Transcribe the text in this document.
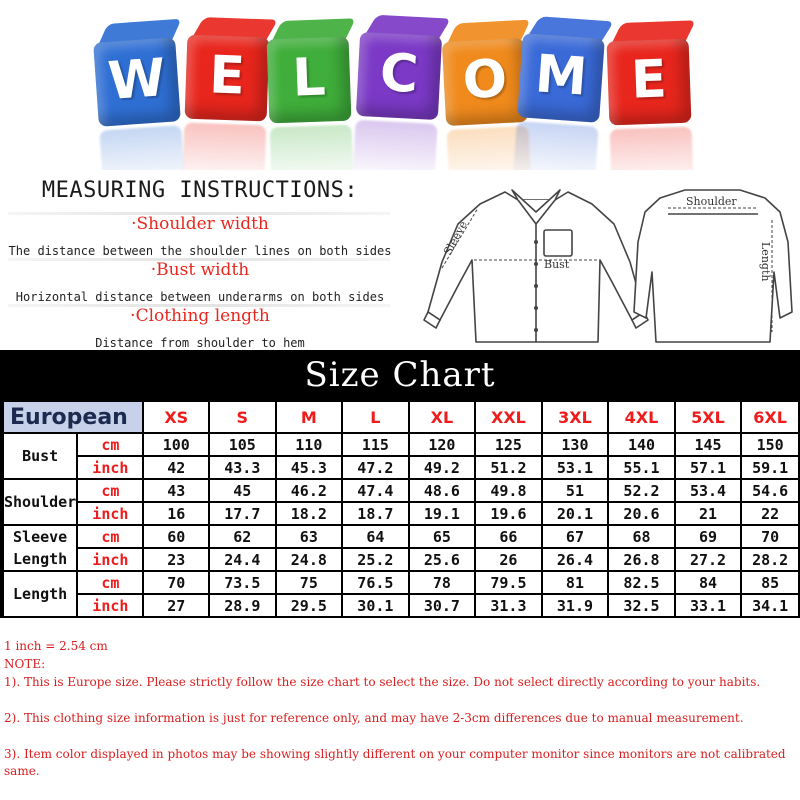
W E L C O M E
MEASURING INSTRUCTIONS:
·Shoulder width
The distance between the shoulder lines on both sides
·Bust width
Horizontal distance between underarms on both sides
·Clothing length
Distance from shoulder to hem
Bust
Shoulder
Sleeve
Length
Size Chart
European		XS	S	M	L	XL	XXL	3XL	4XL	5XL	6XL
Bust	cm	100	105	110	115	120	125	130	140	145	150
	inch	42	43.3	45.3	47.2	49.2	51.2	53.1	55.1	57.1	59.1
Shoulder	cm	43	45	46.2	47.4	48.6	49.8	51	52.2	53.4	54.6
	inch	16	17.7	18.2	18.7	19.1	19.6	20.1	20.6	21	22
Sleeve Length	cm	60	62	63	64	65	66	67	68	69	70
	inch	23	24.4	24.8	25.2	25.6	26	26.4	26.8	27.2	28.2
Length	cm	70	73.5	75	76.5	78	79.5	81	82.5	84	85
	inch	27	28.9	29.5	30.1	30.7	31.3	31.9	32.5	33.1	34.1
1 inch = 2.54 cm
NOTE:
1). This is Europe size. Please strictly follow the size chart to select the size. Do not select directly according to your habits.
2). This clothing size information is just for reference only, and may have 2-3cm differences due to manual measurement.
3). Item color displayed in photos may be showing slightly different on your computer monitor since monitors are not calibrated same.
